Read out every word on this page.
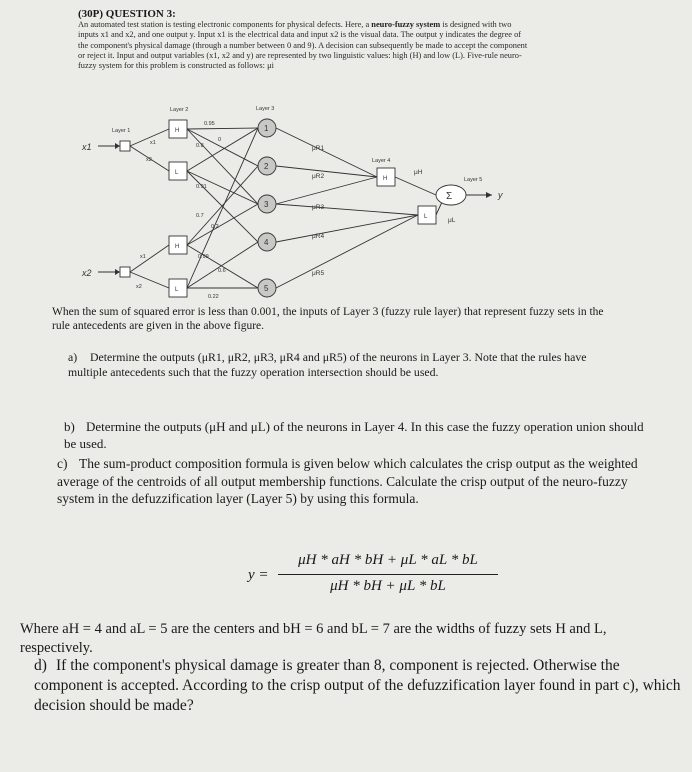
(30P) QUESTION 3:
An automated test station is testing electronic components for physical defects. Here, a neuro-fuzzy system is designed with two inputs x1 and x2, and one output y. Input x1 is the electrical data and input x2 is the visual data. The output y indicates the degree of the component's physical damage (through a number between 0 and 9). A decision can subsequently be made to accept the component or reject it. Input and output variables (x1, x2 and y) are represented by two linguistic values: high (H) and low (L). Five-rule neuro-fuzzy system for this problem is constructed as follows: μi
Layer 1
Layer 2	Layer 3
Layer 4
Layer 5
x1
x2
y
x1
x2
x1
x2
H
L
H
L
0.95
0
0.8
0.91
0.7
0.2
0.99
0.6
0.22
1
2
3
4
5
μR1
μR2
μR3
μR4
μR5
H
L
μH
μL
Σ
When the sum of squared error is less than 0.001, the inputs of Layer 3 (fuzzy rule layer) that represent fuzzy sets in the rule antecedents are given in the above figure.
a) Determine the outputs (μR1, μR2, μR3, μR4 and μR5) of the neurons in Layer 3. Note that the rules have multiple antecedents such that the fuzzy operation intersection should be used.
b) Determine the outputs (μH and μL) of the neurons in Layer 4. In this case the fuzzy operation union should be used.
c) The sum-product composition formula is given below which calculates the crisp output as the weighted average of the centroids of all output membership functions. Calculate the crisp output of the neuro-fuzzy system in the defuzzification layer (Layer 5) by using this formula.
y =
μH * aH * bH + μL * aL * bL
μH * bH + μL * bL
Where aH = 4 and aL = 5 are the centers and bH = 6 and bL = 7 are the widths of fuzzy sets H and L, respectively.
d) If the component's physical damage is greater than 8, component is rejected. Otherwise the component is accepted. According to the crisp output of the defuzzification layer found in part c), which decision should be made?
